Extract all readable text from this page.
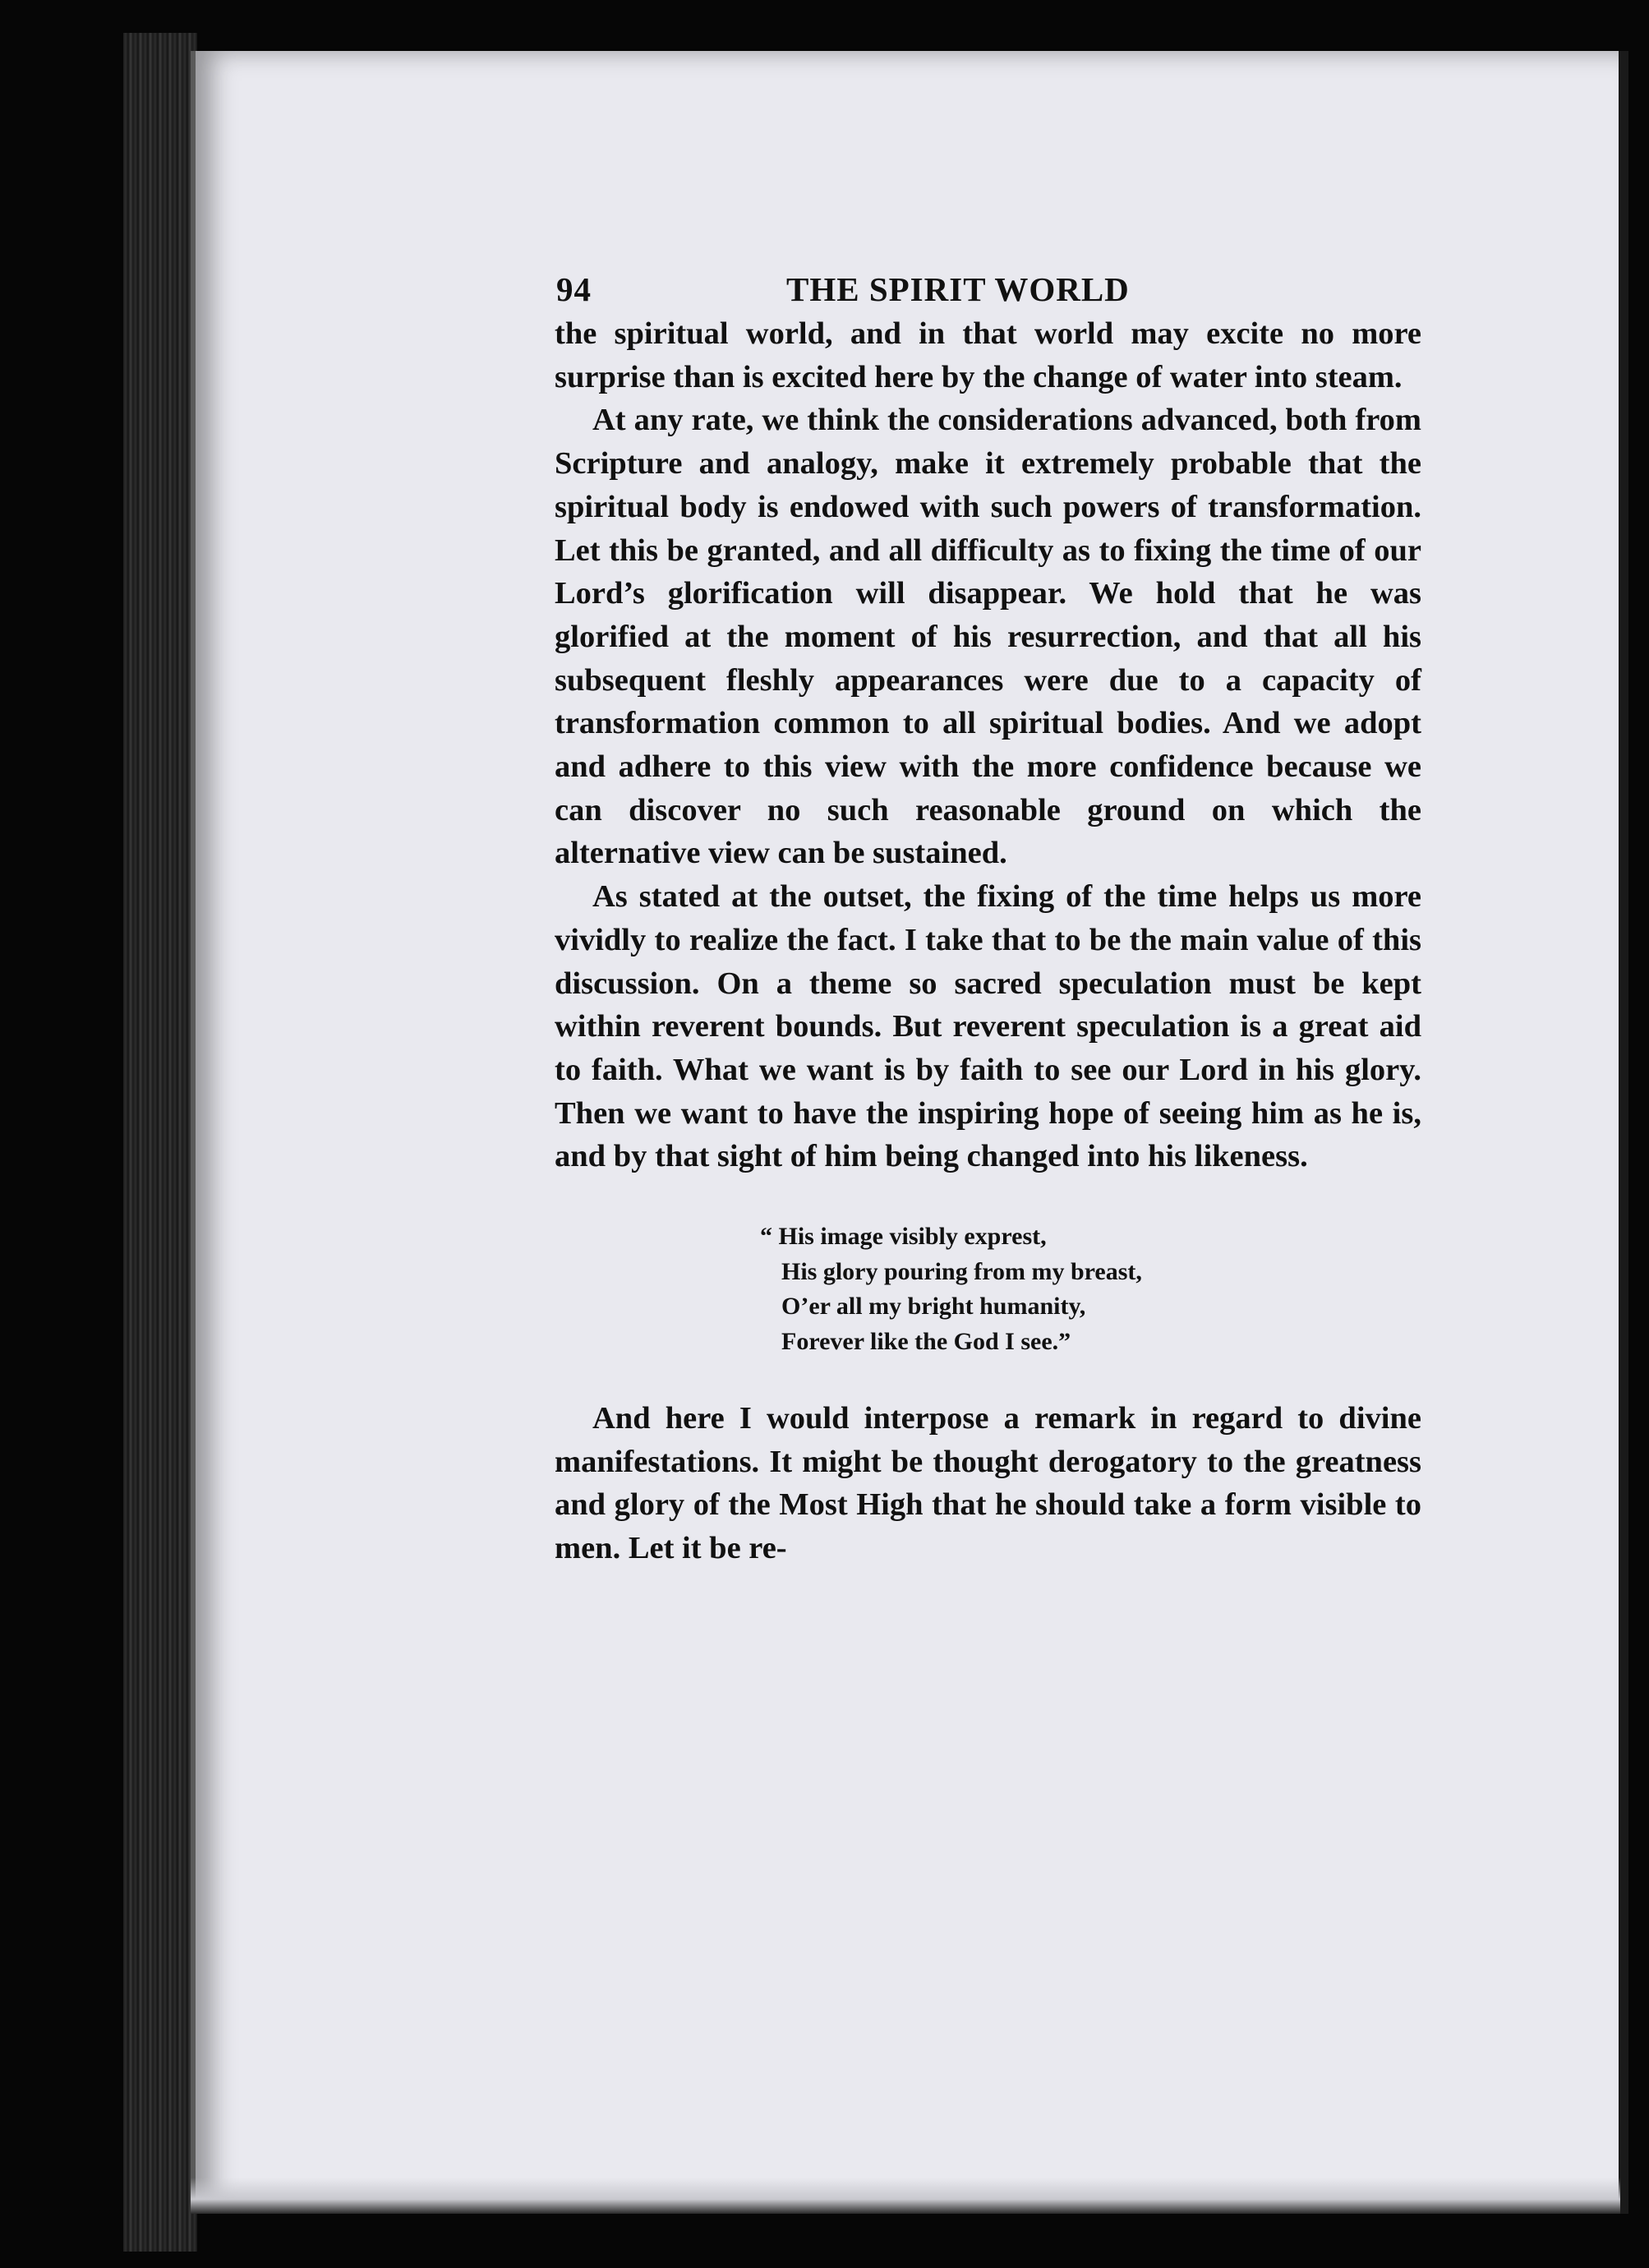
94	THE SPIRIT WORLD

the spiritual world, and in that world may excite no more surprise than is excited here by the change of water into steam.

At any rate, we think the considerations advanced, both from Scripture and analogy, make it extremely probable that the spiritual body is endowed with such powers of transformation. Let this be granted, and all difficulty as to fixing the time of our Lord’s glorification will disappear. We hold that he was glorified at the moment of his resurrection, and that all his subsequent fleshly appearances were due to a capacity of transformation common to all spiritual bodies. And we adopt and adhere to this view with the more confidence because we can discover no such reasonable ground on which the alternative view can be sustained.

As stated at the outset, the fixing of the time helps us more vividly to realize the fact. I take that to be the main value of this discussion. On a theme so sacred speculation must be kept within reverent bounds. But reverent speculation is a great aid to faith. What we want is by faith to see our Lord in his glory. Then we want to have the inspiring hope of seeing him as he is, and by that sight of him being changed into his likeness.

“ His image visibly exprest,
His glory pouring from my breast,
O’er all my bright humanity,
Forever like the God I see.”

And here I would interpose a remark in regard to divine manifestations. It might be thought derogatory to the greatness and glory of the Most High that he should take a form visible to men. Let it be re-
